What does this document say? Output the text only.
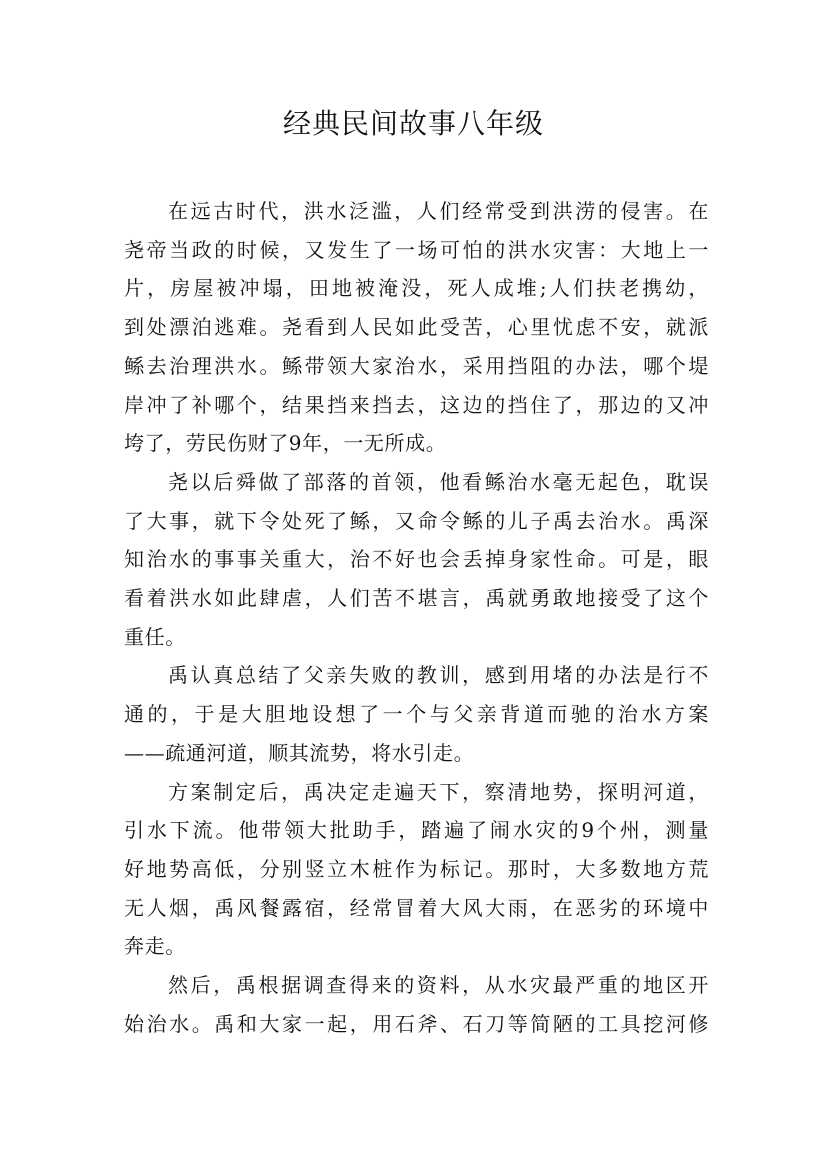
经典民间故事八年级
在远古时代，洪水泛滥，人们经常受到洪涝的侵害。在
尧帝当政的时候，又发生了一场可怕的洪水灾害：大地上一
片，房屋被冲塌，田地被淹没，死人成堆;人们扶老携幼，
到处漂泊逃难。尧看到人民如此受苦，心里忧虑不安，就派
鲧去治理洪水。鲧带领大家治水，采用挡阻的办法，哪个堤
岸冲了补哪个，结果挡来挡去，这边的挡住了，那边的又冲
垮了，劳民伤财了9年，一无所成。
尧以后舜做了部落的首领，他看鲧治水毫无起色，耽误
了大事，就下令处死了鲧，又命令鲧的儿子禹去治水。禹深
知治水的事事关重大，治不好也会丢掉身家性命。可是，眼
看着洪水如此肆虐，人们苦不堪言，禹就勇敢地接受了这个
重任。
禹认真总结了父亲失败的教训，感到用堵的办法是行不
通的，于是大胆地设想了一个与父亲背道而驰的治水方案
——疏通河道，顺其流势，将水引走。
方案制定后，禹决定走遍天下，察清地势，探明河道，
引水下流。他带领大批助手，踏遍了闹水灾的9个州，测量
好地势高低，分别竖立木桩作为标记。那时，大多数地方荒
无人烟，禹风餐露宿，经常冒着大风大雨，在恶劣的环境中
奔走。
然后，禹根据调查得来的资料，从水灾最严重的地区开
始治水。禹和大家一起，用石斧、石刀等简陋的工具挖河修
